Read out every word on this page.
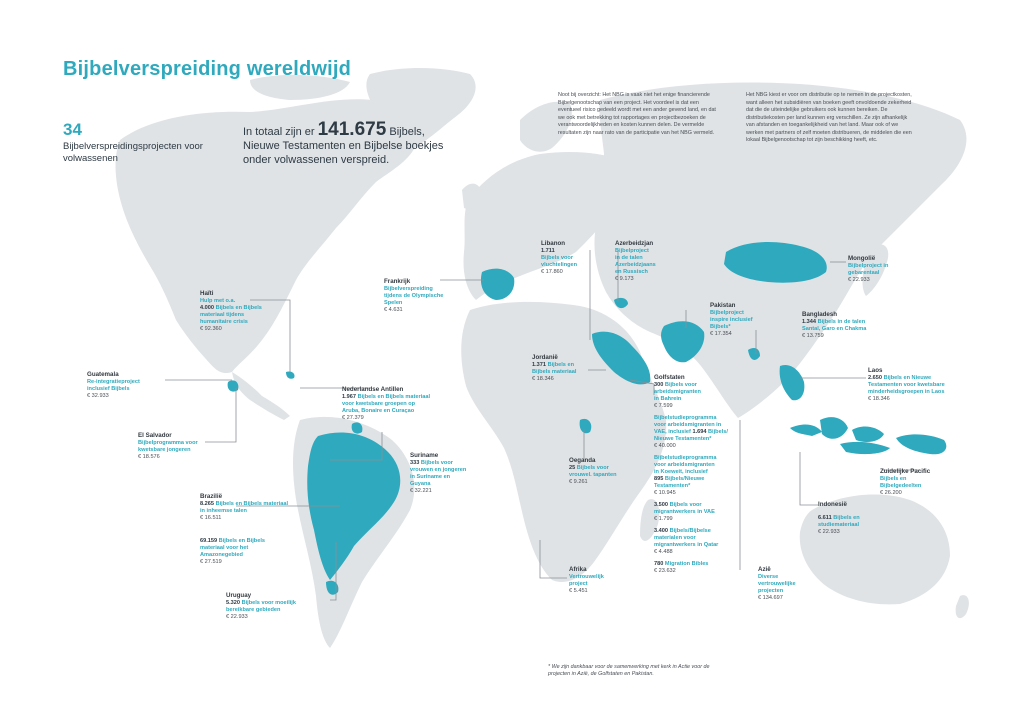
Bijbelverspreiding wereldwijd
34
Bijbelverspreidingsprojecten voor volwassenen
In totaal zijn er 141.675 Bijbels,
Nieuwe Testamenten en Bijbelse boekjes
onder volwassenen verspreid.
Noot bij overzicht: Het NBG is vaak niet het enige financierende Bijbelgenootschap van een project. Het voordeel is dat een eventueel risico gedeeld wordt met een ander gevend land, en dat we ook met betrekking tot rapportages en projectbezoeken de verantwoordelijkheden en kosten kunnen delen. De vermelde resultaten zijn naar rato van de participatie van het NBG vermeld.
Het NBG kiest er voor om distributie op te nemen in de projectkosten, want alleen het subsidiëren van boeken geeft onvoldoende zekerheid dat die de uiteindelijke gebruikers ook kunnen bereiken. De distributiekosten per land kunnen erg verschillen. Ze zijn afhankelijk van afstanden en toegankelijkheid van het land. Maar ook of we werken met partners of zelf moeten distribueren, de middelen die een lokaal Bijbelgenootschap tot zijn beschikking heeft, etc.
Haïti
Hulp met o.a.
4.000 Bijbels en Bijbels
materiaal tijdens
humanitaire crisis
€ 92.360
Guatemala
Re-integratieproject
inclusief Bijbels
€ 32.933
El Salvador
Bijbelprogramma voor
kwetsbare jongeren
€ 18.576
Frankrijk
Bijbelverspreiding
tijdens de Olympische
Spelen
€ 4.631
Nederlandse Antillen
1.967 Bijbels en Bijbels materiaal
voor kwetsbare groepen op
Aruba, Bonaire en Curaçao
€ 27.379
Suriname
333 Bijbels voor
vrouwen en jongeren
in Suriname en
Guyana
€ 32.221
Brazilië
8.265 Bijbels en Bijbels materiaal
in inheemse talen
€ 16.511
69.159 Bijbels en Bijbels
materiaal voor het
Amazonegebied
€ 27.519
Uruguay
5.320 Bijbels voor moeilijk
bereikbare gebieden
€ 22.933
Libanon
1.711
Bijbels voor
vluchtelingen
€ 17.860
Azerbeidzjan
Bijbelproject
in de talen
Azerbeidzjaans
en Russisch
€ 9.173
Jordanië
1.371 Bijbels en
Bijbels materiaal
€ 18.346
Oeganda
25 Bijbels voor
vrouwel. tapanten
€ 9.261
Afrika
Vertrouwelijk
project
€ 5.451
Golfstaten
300 Bijbels voor
arbeidsmigranten
in Bahrein
€ 7.599
Bijbelstudieprogramma
voor arbeidsmigranten in
VAE, inclusief 1.694 Bijbels/
Nieuwe Testamenten*
€ 40.000
Bijbelstudieprogramma
voor arbeidsmigranten
in Koeweit, inclusief
895 Bijbels/Nieuwe
Testamenten*
€ 10.945
3.500 Bijbels voor
migrantwerkers in VAE
€ 1.799
3.400 Bijbels/Bijbelse
materialen voor
migrantwerkers in Qatar
€ 4.488
780 Migration Bibles
€ 23.632
Pakistan
Bijbelproject
inspire inclusief
Bijbels*
€ 17.354
Mongolië
Bijbelproject in
gebarentaal
€ 22.933
Bangladesh
1.344 Bijbels in de talen
Santal, Garo en Chakma
€ 13.759
Laos
2.650 Bijbels en Nieuwe
Testamenten voor kwetsbare
minderheidsgroepen in Laos
€ 18.346
Zuidelijke Pacific
Bijbels en
Bijbelgedeelten
€ 26.200
Indonesië
6.611 Bijbels en
studiemateriaal
€ 22.933
Azië
Diverse
vertrouwelijke
projecten
€ 134.697
* We zijn dankbaar voor de samenwerking met kerk in Actie voor de projecten in Azië, de Golfstaten en Pakistan.
